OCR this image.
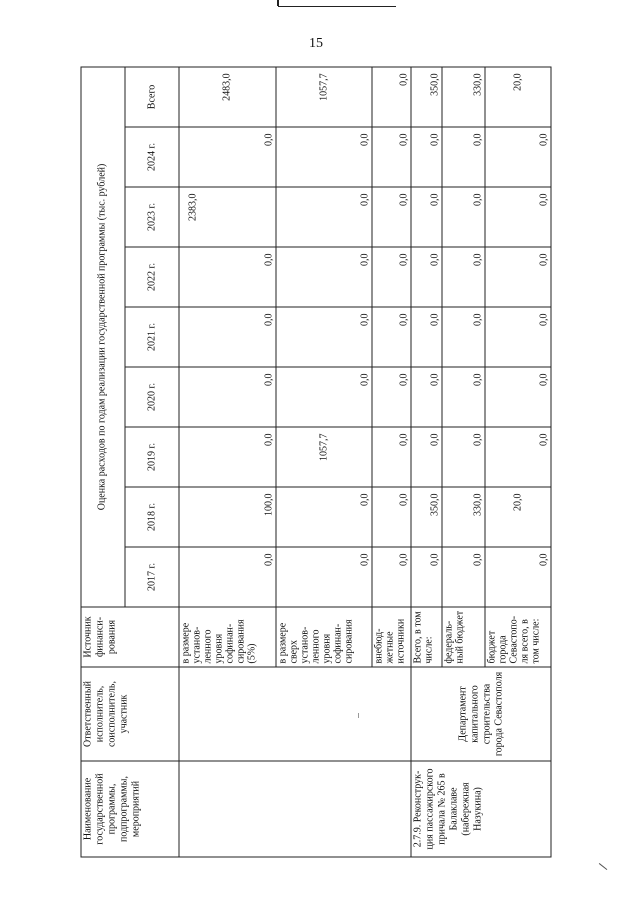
15
Наименование государственной программы, подпрограммы, мероприятий	Ответственный исполнитель, соисполнитель, участник	Источник финанси-рования	Оценка расходов по годам реализации государственной программы (тыс. рублей)								
			2017 г.	2018 г.	2019 г.	2020 г.	2021 г.	2022 г.	2023 г.	2024 г.	Всего
		в размере установ-ленного уровня софинан-сирования (5%)	0,0	100,0	0,0	0,0	0,0	0,0	2383,0	0,0	2483,0
		в размере сверх установ-ленного уровня софинан-сирования	0,0	0,0	1057,7	0,0	0,0	0,0	0,0	0,0	1057,7
		внебюд-жетные источники	0,0	0,0	0,0	0,0	0,0	0,0	0,0	0,0	0,0
2.7.9. Реконструк-ция пассажирского причала № 265 в Балаклаве (набережная Назукина)	Департамент капитального строительства города Севастополя	Всего, в том числе:	0,0	350,0	0,0	0,0	0,0	0,0	0,0	0,0	350,0
		федераль-ный бюджет	0,0	330,0	0,0	0,0	0,0	0,0	0,0	0,0	330,0
		бюджет города Севастопо-ля всего, в том числе:	0,0	20,0	0,0	0,0	0,0	0,0	0,0	0,0	20,0
